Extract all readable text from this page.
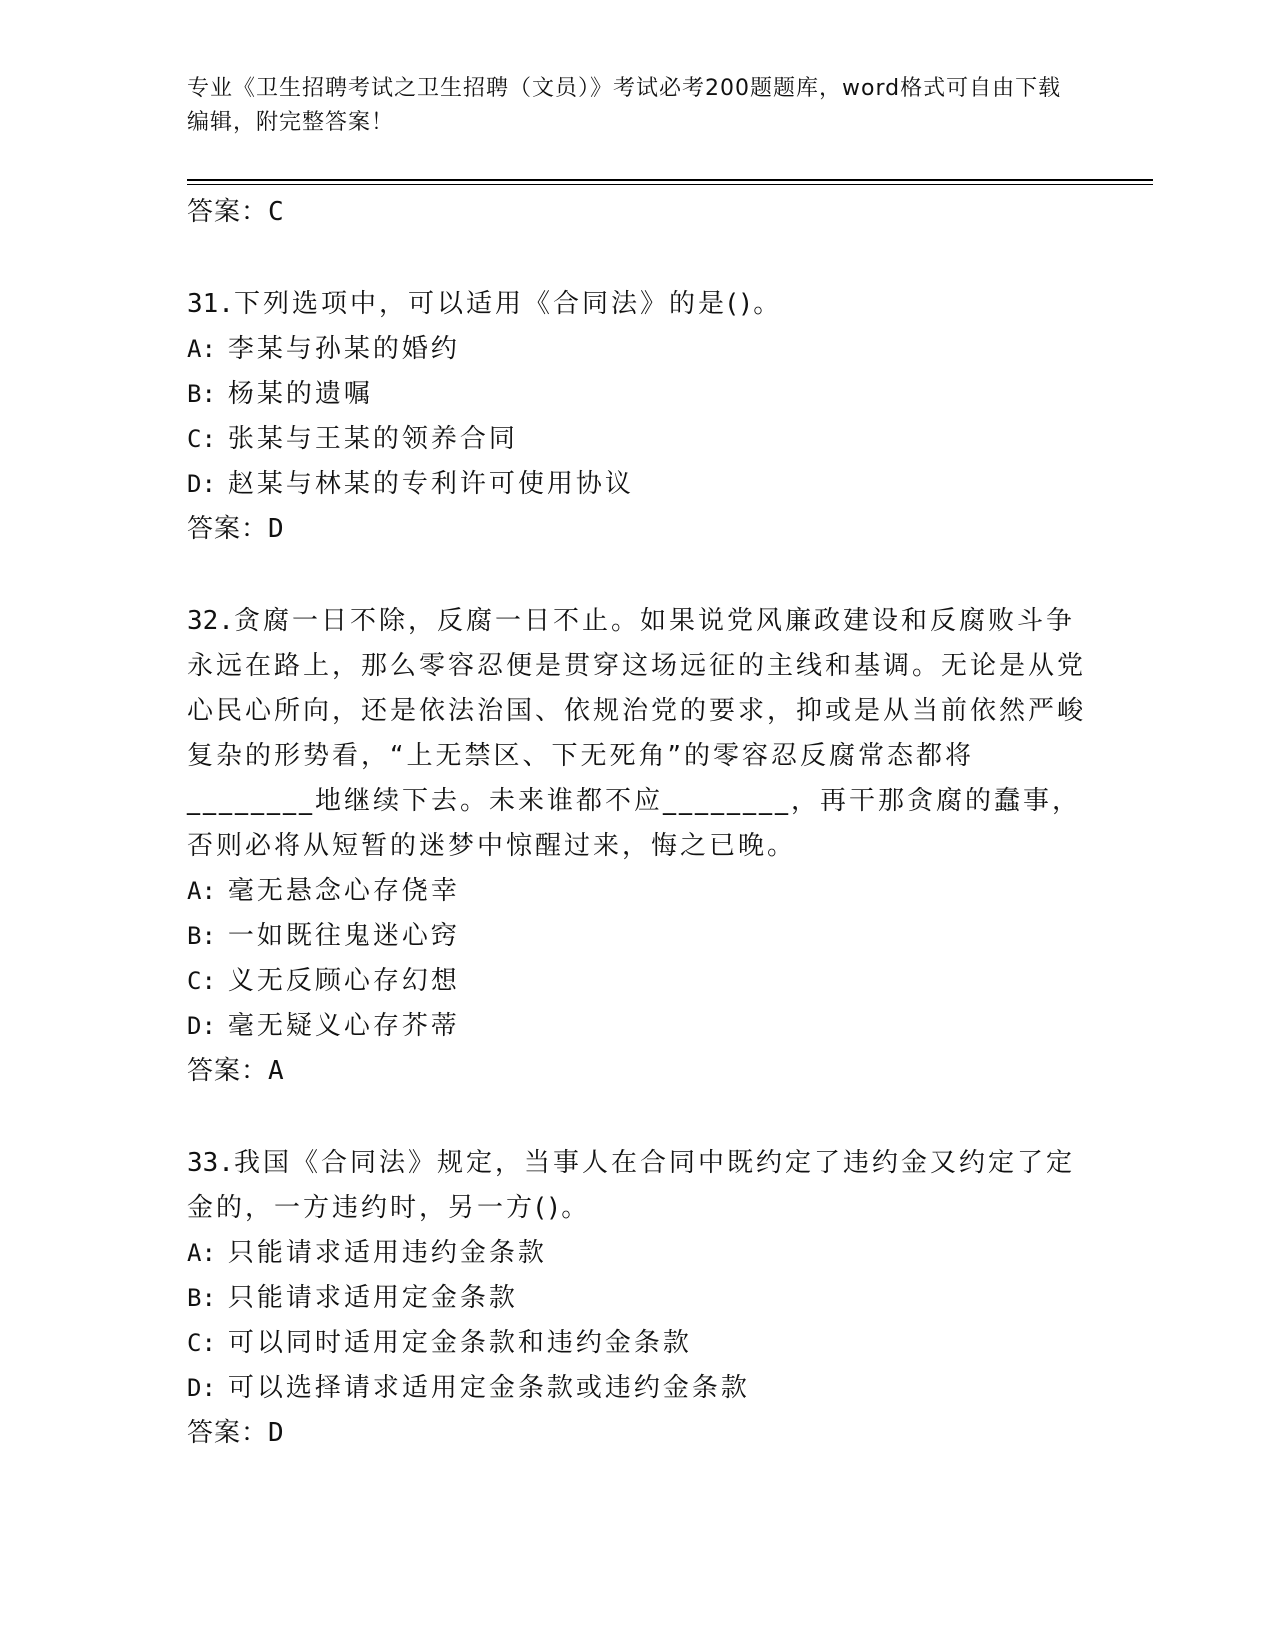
专业《卫生招聘考试之卫生招聘（文员）》考试必考200题题库，word格式可自由下载编辑，附完整答案！

答案：C

31.下列选项中，可以适用《合同法》的是()。

A: 李某与孙某的婚约

B: 杨某的遗嘱

C: 张某与王某的领养合同

D: 赵某与林某的专利许可使用协议

答案：D

32.贪腐一日不除，反腐一日不止。如果说党风廉政建设和反腐败斗争永远在路上，那么零容忍便是贯穿这场远征的主线和基调。无论是从党心民心所向，还是依法治国、依规治党的要求，抑或是从当前依然严峻复杂的形势看，“上无禁区、下无死角”的零容忍反腐常态都将________地继续下去。未来谁都不应________，再干那贪腐的蠢事，否则必将从短暂的迷梦中惊醒过来，悔之已晚。

A: 毫无悬念心存侥幸

B: 一如既往鬼迷心窍

C: 义无反顾心存幻想

D: 毫无疑义心存芥蒂

答案：A

33.我国《合同法》规定，当事人在合同中既约定了违约金又约定了定金的，一方违约时，另一方()。

A: 只能请求适用违约金条款

B: 只能请求适用定金条款

C: 可以同时适用定金条款和违约金条款

D: 可以选择请求适用定金条款或违约金条款

答案：D
